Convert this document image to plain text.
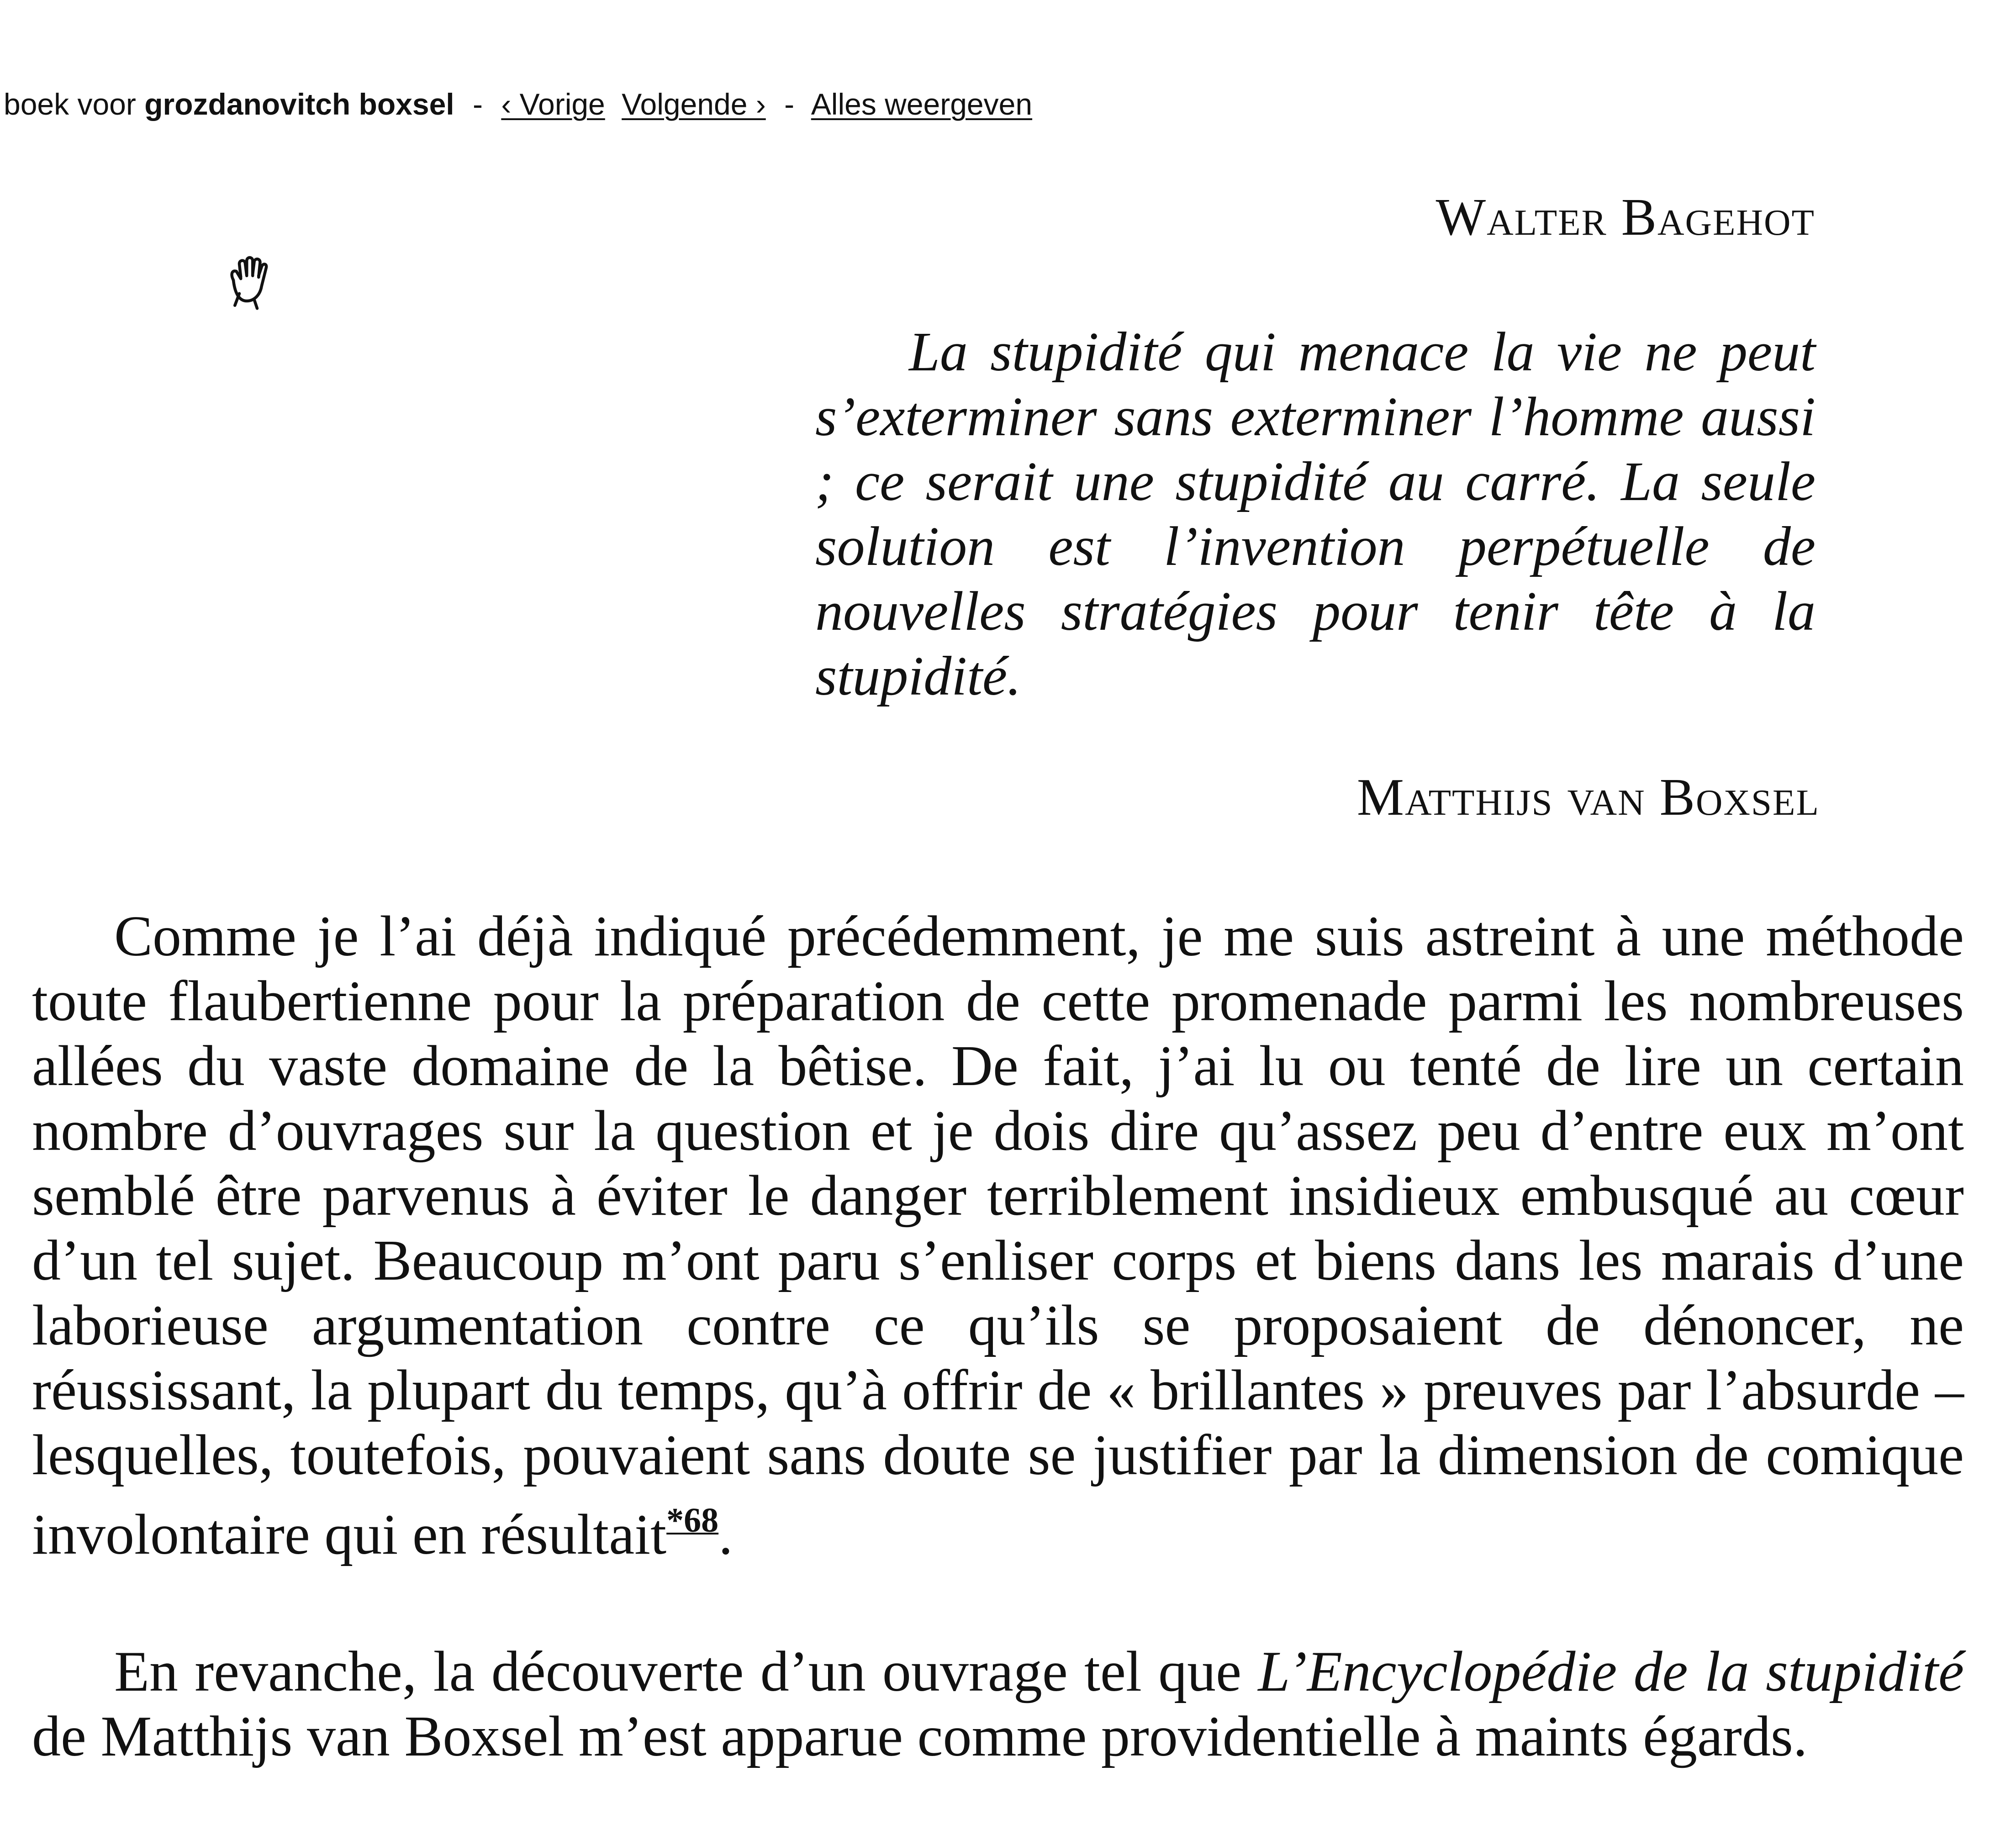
boek voor grozdanovitch boxsel - ‹ Vorige Volgende › - Alles weergeven
Walter Bagehot
La stupidité qui menace la vie ne peut s’exterminer sans exterminer l’homme aussi ; ce serait une stupidité au carré. La seule solution est l’invention perpétuelle de nouvelles stratégies pour tenir tête à la stupidité.
Matthijs van Boxsel

Comme je l’ai déjà indiqué précédemment, je me suis astreint à une méthode toute flaubertienne pour la préparation de cette promenade parmi les nombreuses allées du vaste domaine de la bêtise. De fait, j’ai lu ou tenté de lire un certain nombre d’ouvrages sur la question et je dois dire qu’assez peu d’entre eux m’ont semblé être parvenus à éviter le danger terriblement insidieux embusqué au cœur d’un tel sujet. Beaucoup m’ont paru s’enliser corps et biens dans les marais d’une laborieuse argumentation contre ce qu’ils se proposaient de dénoncer, ne réussissant, la plupart du temps, qu’à offrir de « brillantes » preuves par l’absurde – lesquelles, toutefois, pouvaient sans doute se justifier par la dimension de comique involontaire qui en résultait$^{*68}$.

En revanche, la découverte d’un ouvrage tel que L’Encyclopédie de la stupidité de Matthijs van Boxsel m’est apparue comme providentielle à maints égards.
